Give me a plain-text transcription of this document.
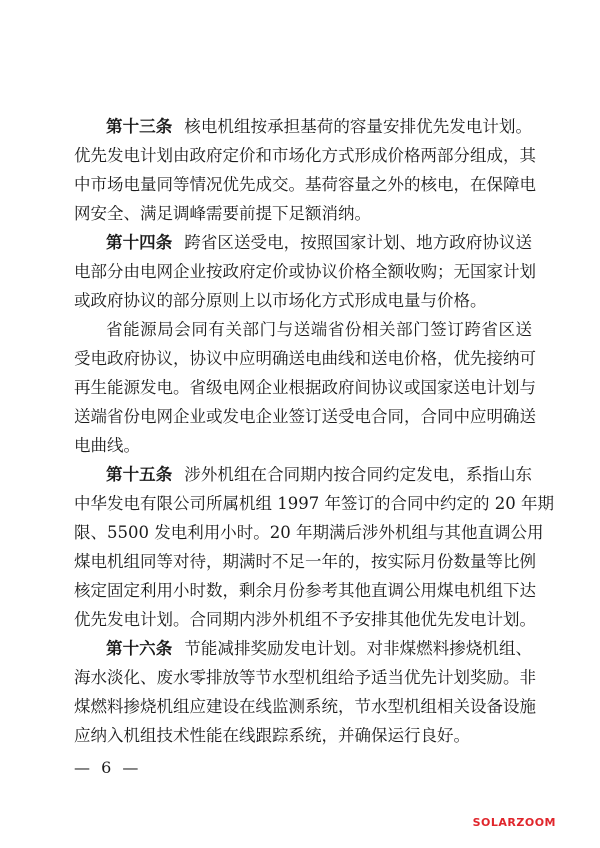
第十三条 核电机组按承担基荷的容量安排优先发电计划。
优先发电计划由政府定价和市场化方式形成价格两部分组成，其
中市场电量同等情况优先成交。基荷容量之外的核电，在保障电
网安全、满足调峰需要前提下足额消纳。
第十四条 跨省区送受电，按照国家计划、地方政府协议送
电部分由电网企业按政府定价或协议价格全额收购；无国家计划
或政府协议的部分原则上以市场化方式形成电量与价格。
省能源局会同有关部门与送端省份相关部门签订跨省区送
受电政府协议，协议中应明确送电曲线和送电价格，优先接纳可
再生能源发电。省级电网企业根据政府间协议或国家送电计划与
送端省份电网企业或发电企业签订送受电合同，合同中应明确送
电曲线。
第十五条 涉外机组在合同期内按合同约定发电，系指山东
中华发电有限公司所属机组 1997 年签订的合同中约定的 20 年期
限、5500 发电利用小时。20 年期满后涉外机组与其他直调公用
煤电机组同等对待，期满时不足一年的，按实际月份数量等比例
核定固定利用小时数，剩余月份参考其他直调公用煤电机组下达
优先发电计划。合同期内涉外机组不予安排其他优先发电计划。
第十六条 节能减排奖励发电计划。对非煤燃料掺烧机组、
海水淡化、废水零排放等节水型机组给予适当优先计划奖励。非
煤燃料掺烧机组应建设在线监测系统，节水型机组相关设备设施
应纳入机组技术性能在线跟踪系统，并确保运行良好。
— 6 —
SOLARZOOM
